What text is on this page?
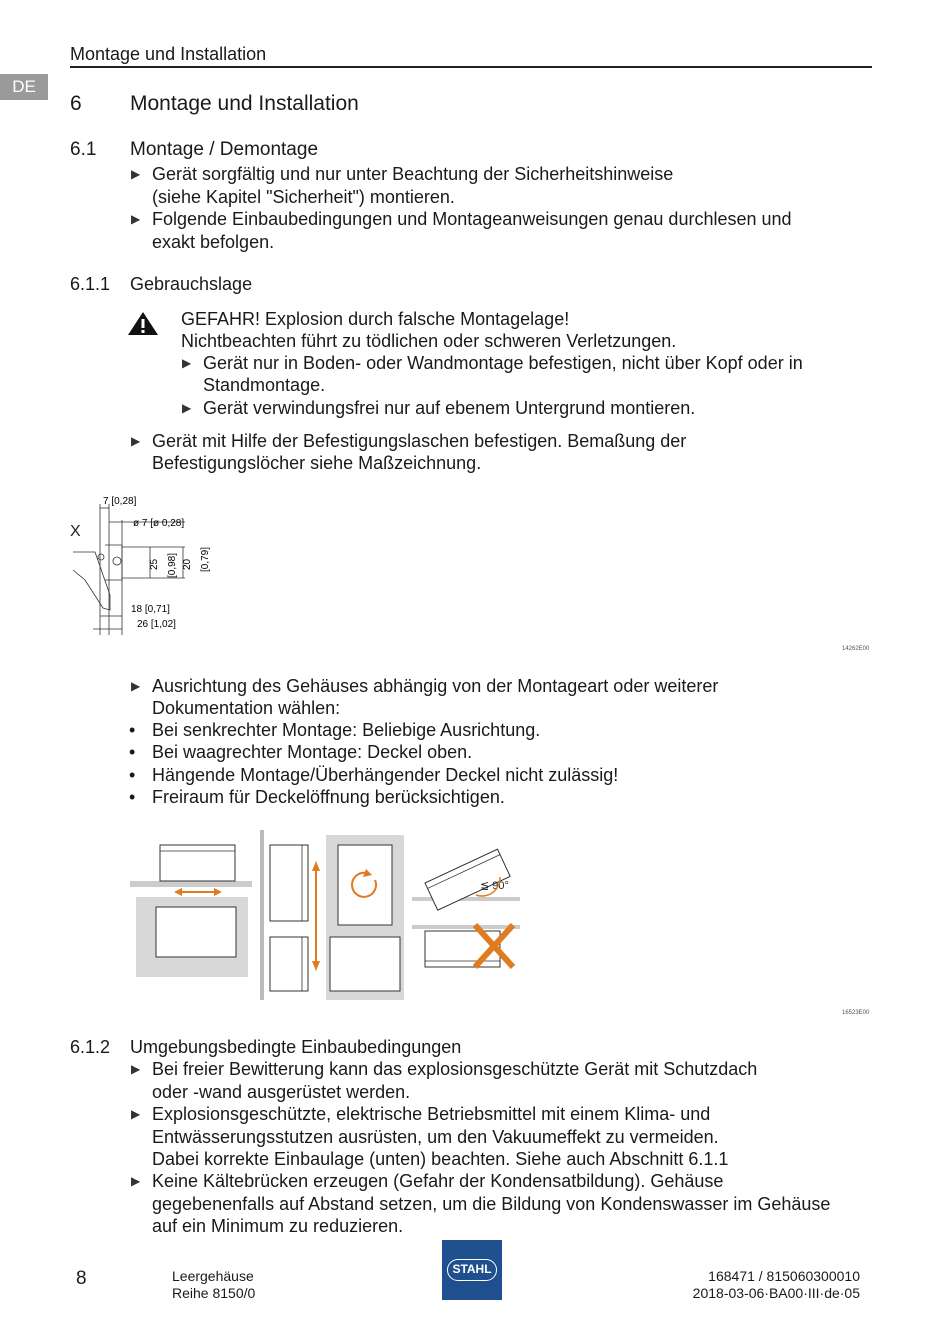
Montage und Installation
DE
6 Montage und Installation
6.1 Montage / Demontage
▶ Gerät sorgfältig und nur unter Beachtung der Sicherheitshinweise
(siehe Kapitel "Sicherheit") montieren.
▶ Folgende Einbaubedingungen und Montageanweisungen genau durchlesen und
exakt befolgen.
6.1.1 Gebrauchslage
GEFAHR! Explosion durch falsche Montagelage!
Nichtbeachten führt zu tödlichen oder schweren Verletzungen.
▶ Gerät nur in Boden- oder Wandmontage befestigen, nicht über Kopf oder in
Standmontage.
▶ Gerät verwindungsfrei nur auf ebenem Untergrund montieren.
▶ Gerät mit Hilfe der Befestigungslaschen befestigen. Bemaßung der
Befestigungslöcher siehe Maßzeichnung.
X
7 [0,28]
ø 7 [ø 0,28]
25 [0,98] 20 [0,79]
18 [0,71]
26 [1,02]
14262E00
▶ Ausrichtung des Gehäuses abhängig von der Montageart oder weiterer
Dokumentation wählen:
• Bei senkrechter Montage: Beliebige Ausrichtung.
• Bei waagrechter Montage: Deckel oben.
• Hängende Montage/Überhängender Deckel nicht zulässig!
• Freiraum für Deckelöffnung berücksichtigen.
≦ 90°
16523E00
6.1.2 Umgebungsbedingte Einbaubedingungen
▶ Bei freier Bewitterung kann das explosionsgeschützte Gerät mit Schutzdach
oder -wand ausgerüstet werden.
▶ Explosionsgeschützte, elektrische Betriebsmittel mit einem Klima- und
Entwässerungsstutzen ausrüsten, um den Vakuumeffekt zu vermeiden.
Dabei korrekte Einbaulage (unten) beachten. Siehe auch Abschnitt 6.1.1
▶ Keine Kältebrücken erzeugen (Gefahr der Kondensatbildung). Gehäuse
gegebenenfalls auf Abstand setzen, um die Bildung von Kondenswasser im Gehäuse
auf ein Minimum zu reduzieren.
8	Leergehäuse
Reihe 8150/0
STAHL	168471 / 815060300010
2018-03-06·BA00·III·de·05
